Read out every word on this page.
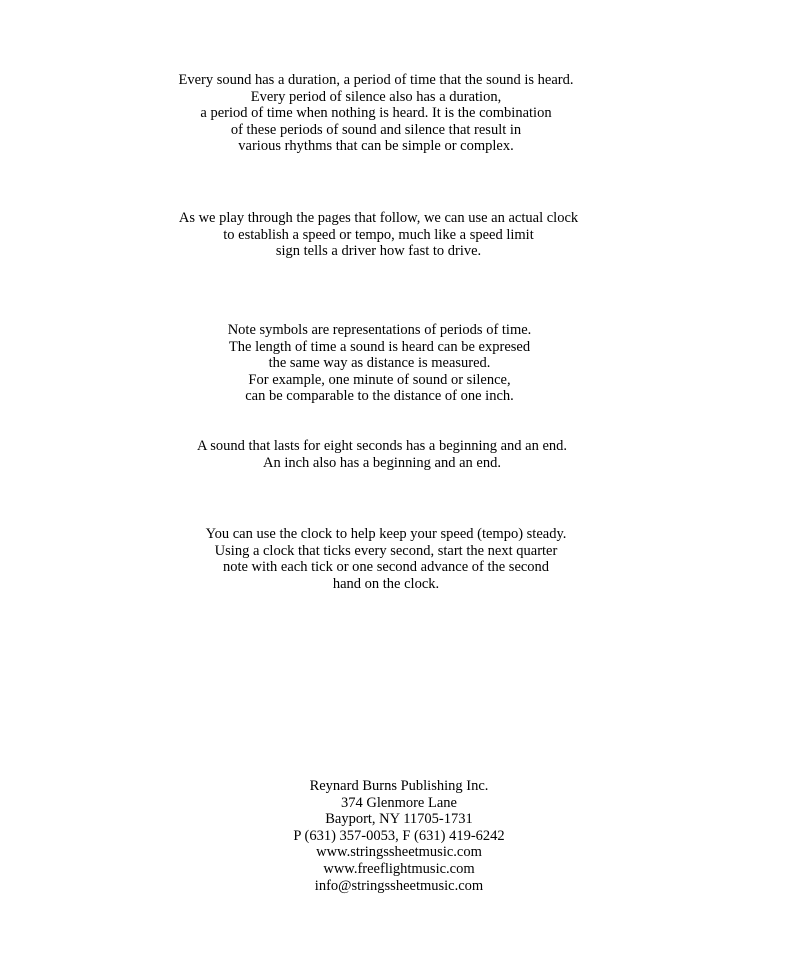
Every sound has a duration, a period of time that the sound is heard.
Every period of silence also has a duration,
a period of time when nothing is heard. It is the combination
of these periods of sound and silence that result in
various rhythms that can be simple or complex.
As we play through the pages that follow, we can use an actual clock
to establish a speed or tempo, much like a speed limit
sign tells a driver how fast to drive.
Note symbols are representations of periods of time.
The length of time a sound is heard can be expresed
the same way as distance is measured.
For example, one minute of sound or silence,
can be comparable to the distance of one inch.
A sound that lasts for eight seconds has a beginning and an end.
An inch also has a beginning and an end.
You can use the clock to help keep your speed (tempo) steady.
Using a clock that ticks every second, start the next quarter
note with each tick or one second advance of the second
hand on the clock.
Reynard Burns Publishing Inc.
374 Glenmore Lane
Bayport, NY 11705-1731
P (631) 357-0053, F (631) 419-6242
www.stringssheetmusic.com
www.freeflightmusic.com
info@stringssheetmusic.com
